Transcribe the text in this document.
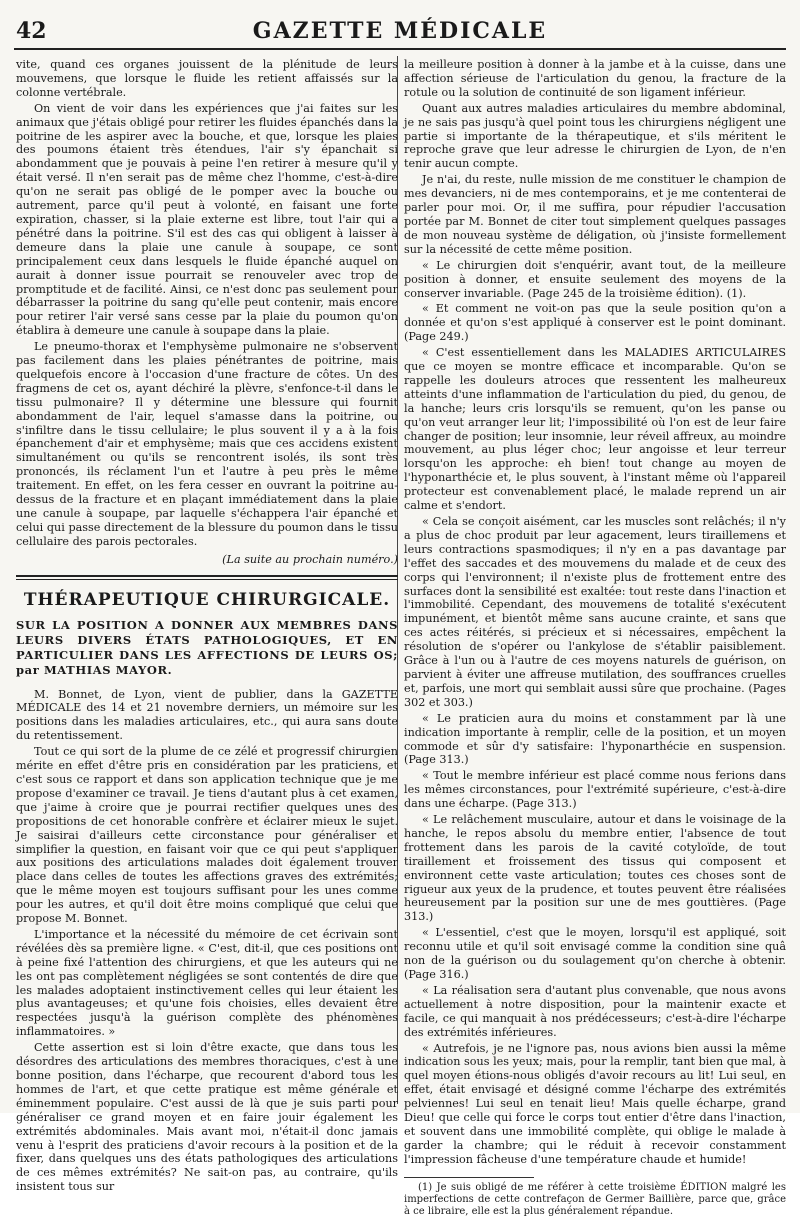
42	GAZETTE MÉDICALE

vite, quand ces organes jouissent de la plénitude de leurs mouvemens, que lorsque le fluide les retient affaissés sur la colonne vertébrale.

On vient de voir dans les expériences que j'ai faites sur les animaux que j'étais obligé pour retirer les fluides épanchés dans la poitrine de les aspirer avec la bouche, et que, lorsque les plaies des poumons étaient très étendues, l'air s'y épanchait si abondamment que je pouvais à peine l'en retirer à mesure qu'il y était versé. Il n'en serait pas de même chez l'homme, c'est-à-dire qu'on ne serait pas obligé de le pomper avec la bouche ou autrement, parce qu'il peut à volonté, en faisant une forte expiration, chasser, si la plaie externe est libre, tout l'air qui a pénétré dans la poitrine. S'il est des cas qui obligent à laisser à demeure dans la plaie une canule à soupape, ce sont principalement ceux dans lesquels le fluide épanché auquel on aurait à donner issue pourrait se renouveler avec trop de promptitude et de facilité. Ainsi, ce n'est donc pas seulement pour débarrasser la poitrine du sang qu'elle peut contenir, mais encore pour retirer l'air versé sans cesse par la plaie du poumon qu'on établira à demeure une canule à soupape dans la plaie.

Le pneumo-thorax et l'emphysème pulmonaire ne s'observent pas facilement dans les plaies pénétrantes de poitrine, mais quelquefois encore à l'occasion d'une fracture de côtes. Un des fragmens de cet os, ayant déchiré la plèvre, s'enfonce-t-il dans le tissu pulmonaire? Il y détermine une blessure qui fournit abondamment de l'air, lequel s'amasse dans la poitrine, ou s'infiltre dans le tissu cellulaire; le plus souvent il y a à la fois épanchement d'air et emphysème; mais que ces accidens existent simultanément ou qu'ils se rencontrent isolés, ils sont très prononcés, ils réclament l'un et l'autre à peu près le même traitement. En effet, on les fera cesser en ouvrant la poitrine au-dessus de la fracture et en plaçant immédiatement dans la plaie une canule à soupape, par laquelle s'échappera l'air épanché et celui qui passe directement de la blessure du poumon dans le tissu cellulaire des parois pectorales.

(La suite au prochain numéro.)

THÉRAPEUTIQUE CHIRURGICALE.

SUR LA POSITION A DONNER AUX MEMBRES DANS LEURS DIVERS ÉTATS PATHOLOGIQUES, ET EN PARTICULIER DANS LES AFFECTIONS DE LEURS OS; par MATHIAS MAYOR.

M. Bonnet, de Lyon, vient de publier, dans la GAZETTE MÉDICALE des 14 et 21 novembre derniers, un mémoire sur les positions dans les maladies articulaires, etc., qui aura sans doute du retentissement.

Tout ce qui sort de la plume de ce zélé et progressif chirurgien mérite en effet d'être pris en considération par les praticiens, et c'est sous ce rapport et dans son application technique que je me propose d'examiner ce travail. Je tiens d'autant plus à cet examen, que j'aime à croire que je pourrai rectifier quelques unes des propositions de cet honorable confrère et éclairer mieux le sujet. Je saisirai d'ailleurs cette circonstance pour généraliser et simplifier la question, en faisant voir que ce qui peut s'appliquer aux positions des articulations malades doit également trouver place dans celles de toutes les affections graves des extrémités; que le même moyen est toujours suffisant pour les unes comme pour les autres, et qu'il doit être moins compliqué que celui que propose M. Bonnet.

L'importance et la nécessité du mémoire de cet écrivain sont révélées dès sa première ligne. « C'est, dit-il, que ces positions ont à peine fixé l'attention des chirurgiens, et que les auteurs qui ne les ont pas complètement négligées se sont contentés de dire que les malades adoptaient instinctivement celles qui leur étaient les plus avantageuses; et qu'une fois choisies, elles devaient être respectées jusqu'à la guérison complète des phénomènes inflammatoires. »

Cette assertion est si loin d'être exacte, que dans tous les désordres des articulations des membres thoraciques, c'est à une bonne position, dans l'écharpe, que recourent d'abord tous les hommes de l'art, et que cette pratique est même générale et éminemment populaire. C'est aussi de là que je suis parti pour généraliser ce grand moyen et en faire jouir également les extrémités abdominales. Mais avant moi, n'était-il donc jamais venu à l'esprit des praticiens d'avoir recours à la position et de la fixer, dans quelques uns des états pathologiques des articulations de ces mêmes extrémités? Ne sait-on pas, au contraire, qu'ils insistent tous sur

la meilleure position à donner à la jambe et à la cuisse, dans une affection sérieuse de l'articulation du genou, la fracture de la rotule ou la solution de continuité de son ligament inférieur.

Quant aux autres maladies articulaires du membre abdominal, je ne sais pas jusqu'à quel point tous les chirurgiens négligent une partie si importante de la thérapeutique, et s'ils méritent le reproche grave que leur adresse le chirurgien de Lyon, de n'en tenir aucun compte.

Je n'ai, du reste, nulle mission de me constituer le champion de mes devanciers, ni de mes contemporains, et je me contenterai de parler pour moi. Or, il me suffira, pour répudier l'accusation portée par M. Bonnet de citer tout simplement quelques passages de mon nouveau système de déligation, où j'insiste formellement sur la nécessité de cette même position.

« Le chirurgien doit s'enquérir, avant tout, de la meilleure position à donner, et ensuite seulement des moyens de la conserver invariable. (Page 245 de la troisième édition). (1).

« Et comment ne voit-on pas que la seule position qu'on a donnée et qu'on s'est appliqué à conserver est le point dominant. (Page 249.)

« C'est essentiellement dans les MALADIES ARTICULAIRES que ce moyen se montre efficace et incomparable. Qu'on se rappelle les douleurs atroces que ressentent les malheureux atteints d'une inflammation de l'articulation du pied, du genou, de la hanche; leurs cris lorsqu'ils se remuent, qu'on les panse ou qu'on veut arranger leur lit; l'impossibilité où l'on est de leur faire changer de position; leur insomnie, leur réveil affreux, au moindre mouvement, au plus léger choc; leur angoisse et leur terreur lorsqu'on les approche: eh bien! tout change au moyen de l'hyponarthécie et, le plus souvent, à l'instant même où l'appareil protecteur est convenablement placé, le malade reprend un air calme et s'endort.

« Cela se conçoit aisément, car les muscles sont relâchés; il n'y a plus de choc produit par leur agacement, leurs tiraillemens et leurs contractions spasmodiques; il n'y en a pas davantage par l'effet des saccades et des mouvemens du malade et de ceux des corps qui l'environnent; il n'existe plus de frottement entre des surfaces dont la sensibilité est exaltée: tout reste dans l'inaction et l'immobilité. Cependant, des mouvemens de totalité s'exécutent impunément, et bientôt même sans aucune crainte, et sans que ces actes réitérés, si précieux et si nécessaires, empêchent la résolution de s'opérer ou l'ankylose de s'établir paisiblement. Grâce à l'un ou à l'autre de ces moyens naturels de guérison, on parvient à éviter une affreuse mutilation, des souffrances cruelles et, parfois, une mort qui semblait aussi sûre que prochaine. (Pages 302 et 303.)

« Le praticien aura du moins et constamment par là une indication importante à remplir, celle de la position, et un moyen commode et sûr d'y satisfaire: l'hyponarthécie en suspension. (Page 313.)

« Tout le membre inférieur est placé comme nous ferions dans les mêmes circonstances, pour l'extrémité supérieure, c'est-à-dire dans une écharpe. (Page 313.)

« Le relâchement musculaire, autour et dans le voisinage de la hanche, le repos absolu du membre entier, l'absence de tout frottement dans les parois de la cavité cotyloïde, de tout tiraillement et froissement des tissus qui composent et environnent cette vaste articulation; toutes ces choses sont de rigueur aux yeux de la prudence, et toutes peuvent être réalisées heureusement par la position sur une de mes gouttières. (Page 313.)

« L'essentiel, c'est que le moyen, lorsqu'il est appliqué, soit reconnu utile et qu'il soit envisagé comme la condition sine quâ non de la guérison ou du soulagement qu'on cherche à obtenir. (Page 316.)

« La réalisation sera d'autant plus convenable, que nous avons actuellement à notre disposition, pour la maintenir exacte et facile, ce qui manquait à nos prédécesseurs; c'est-à-dire l'écharpe des extrémités inférieures.

« Autrefois, je ne l'ignore pas, nous avions bien aussi la même indication sous les yeux; mais, pour la remplir, tant bien que mal, à quel moyen étions-nous obligés d'avoir recours au lit! Lui seul, en effet, était envisagé et désigné comme l'écharpe des extrémités pelviennes! Lui seul en tenait lieu! Mais quelle écharpe, grand Dieu! que celle qui force le corps tout entier d'être dans l'inaction, et souvent dans une immobilité complète, qui oblige le malade à garder la chambre; qui le réduit à recevoir constamment l'impression fâcheuse d'une température chaude et humide!

(1) Je suis obligé de me référer à cette troisième ÉDITION malgré les imperfections de cette contrefaçon de Germer Baillière, parce que, grâce à ce libraire, elle est la plus généralement répandue.
